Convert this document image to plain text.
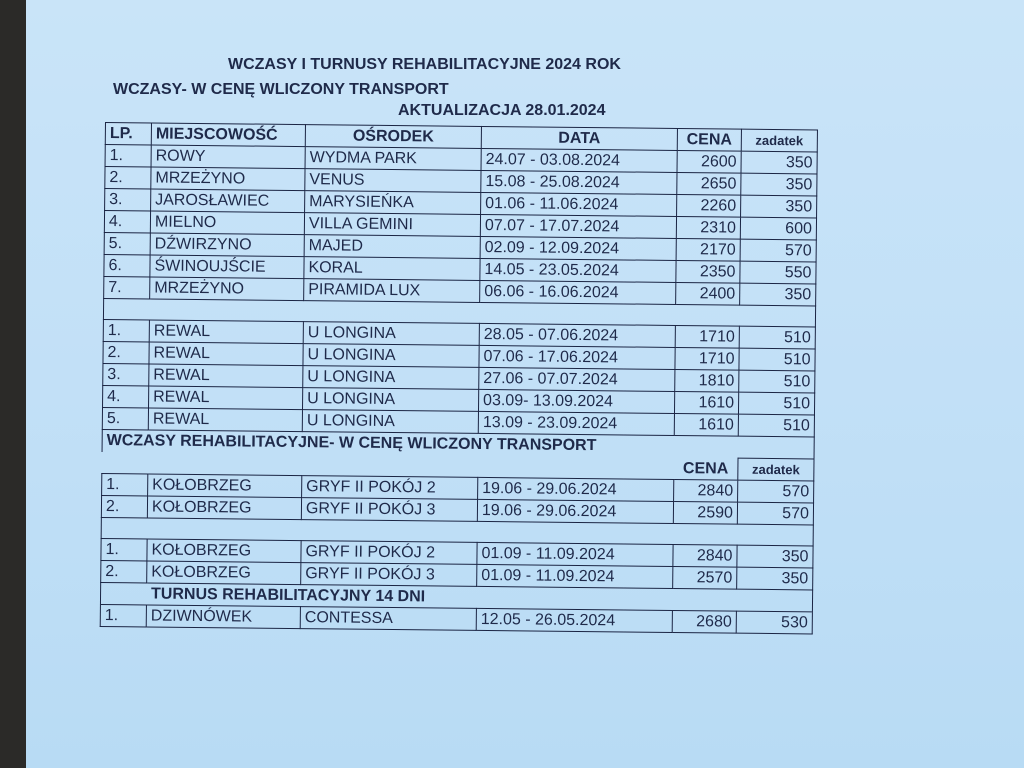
WCZASY I TURNUSY REHABILITACYJNE 2024 ROK
WCZASY- W CENĘ WLICZONY TRANSPORT
AKTUALIZACJA 28.01.2024
LP.	MIEJSCOWOŚĆ	OŚRODEK	DATA	CENA	zadatek
1.	ROWY	WYDMA PARK	24.07 - 03.08.2024	2600	350
2.	MRZEŻYNO	VENUS	15.08 - 25.08.2024	2650	350
3.	JAROSŁAWIEC	MARYSIEŃKA	01.06 - 11.06.2024	2260	350
4.	MIELNO	VILLA GEMINI	07.07 - 17.07.2024	2310	600
5.	DŹWIRZYNO	MAJED	02.09 - 12.09.2024	2170	570
6.	ŚWINOUJŚCIE	KORAL	14.05 - 23.05.2024	2350	550
7.	MRZEŻYNO	PIRAMIDA LUX	06.06 - 16.06.2024	2400	350

1.	REWAL	U LONGINA	28.05 - 07.06.2024	1710	510
2.	REWAL	U LONGINA	07.06 - 17.06.2024	1710	510
3.	REWAL	U LONGINA	27.06 - 07.07.2024	1810	510
4.	REWAL	U LONGINA	03.09- 13.09.2024	1610	510
5.	REWAL	U LONGINA	13.09 - 23.09.2024	1610	510
WCZASY REHABILITACYJNE- W CENĘ WLICZONY TRANSPORT					
				CENA	zadatek
1.	KOŁOBRZEG	GRYF II POKÓJ 2	19.06 - 29.06.2024	2840	570
2.	KOŁOBRZEG	GRYF II POKÓJ 3	19.06 - 29.06.2024	2590	570

1.	KOŁOBRZEG	GRYF II POKÓJ 2	01.09 - 11.09.2024	2840	350
2.	KOŁOBRZEG	GRYF II POKÓJ 3	01.09 - 11.09.2024	2570	350
TURNUS REHABILITACYJNY 14 DNI					
1.	DZIWNÓWEK	CONTESSA	12.05 - 26.05.2024	2680	530
